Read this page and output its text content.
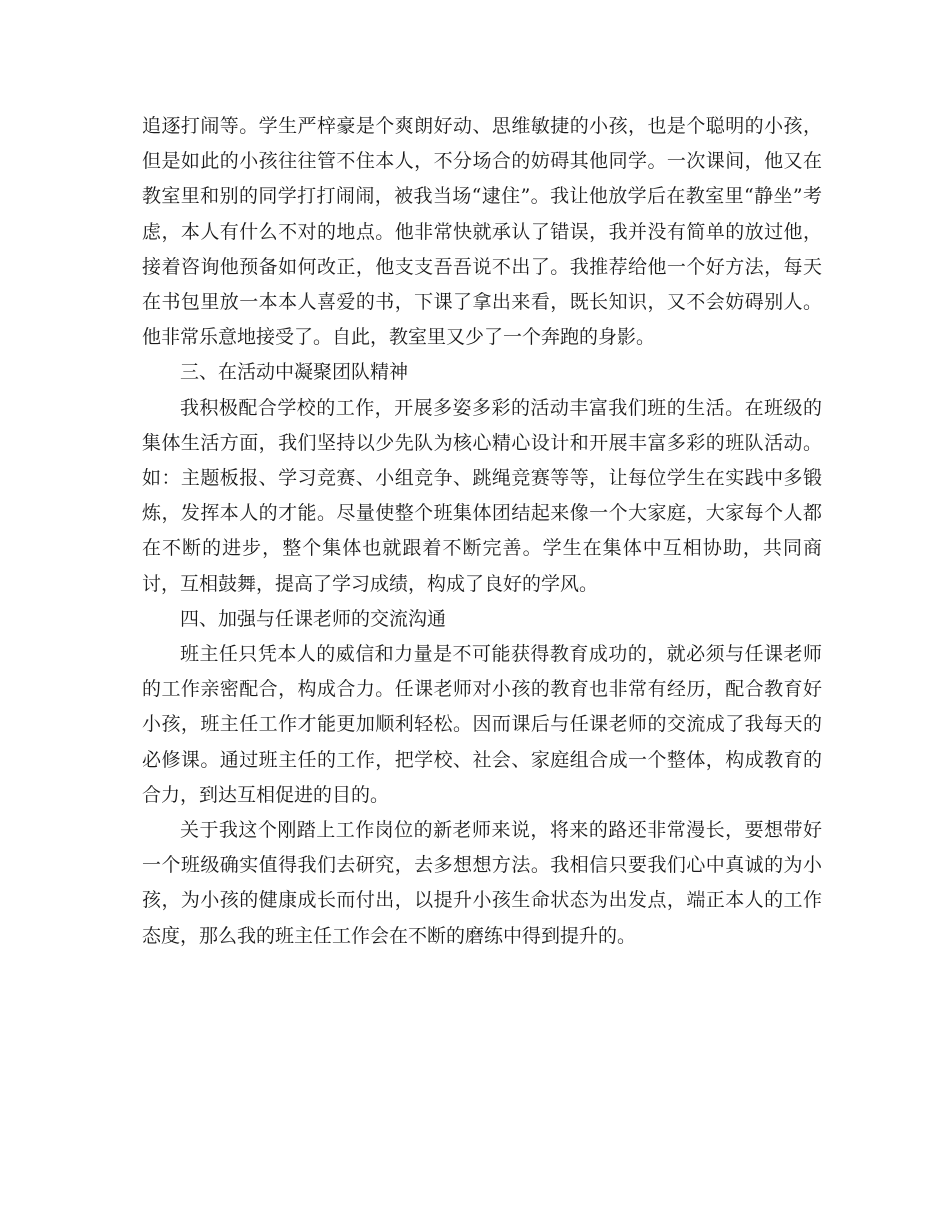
追逐打闹等。学生严梓豪是个爽朗好动、思维敏捷的小孩，也是个聪明的小孩，但是如此的小孩往往管不住本人，不分场合的妨碍其他同学。一次课间，他又在教室里和别的同学打打闹闹，被我当场“逮住”。我让他放学后在教室里“静坐”考虑，本人有什么不对的地点。他非常快就承认了错误，我并没有简单的放过他，接着咨询他预备如何改正，他支支吾吾说不出了。我推荐给他一个好方法，每天在书包里放一本本人喜爱的书，下课了拿出来看，既长知识，又不会妨碍别人。他非常乐意地接受了。自此，教室里又少了一个奔跑的身影。

三、在活动中凝聚团队精神

我积极配合学校的工作，开展多姿多彩的活动丰富我们班的生活。在班级的集体生活方面，我们坚持以少先队为核心精心设计和开展丰富多彩的班队活动。如：主题板报、学习竞赛、小组竞争、跳绳竞赛等等，让每位学生在实践中多锻炼，发挥本人的才能。尽量使整个班集体团结起来像一个大家庭，大家每个人都在不断的进步，整个集体也就跟着不断完善。学生在集体中互相协助，共同商讨，互相鼓舞，提高了学习成绩，构成了良好的学风。

四、加强与任课老师的交流沟通

班主任只凭本人的威信和力量是不可能获得教育成功的，就必须与任课老师的工作亲密配合，构成合力。任课老师对小孩的教育也非常有经历，配合教育好小孩，班主任工作才能更加顺利轻松。因而课后与任课老师的交流成了我每天的必修课。通过班主任的工作，把学校、社会、家庭组合成一个整体，构成教育的合力，到达互相促进的目的。

关于我这个刚踏上工作岗位的新老师来说，将来的路还非常漫长，要想带好一个班级确实值得我们去研究，去多想想方法。我相信只要我们心中真诚的为小孩，为小孩的健康成长而付出，以提升小孩生命状态为出发点，端正本人的工作态度，那么我的班主任工作会在不断的磨练中得到提升的。
